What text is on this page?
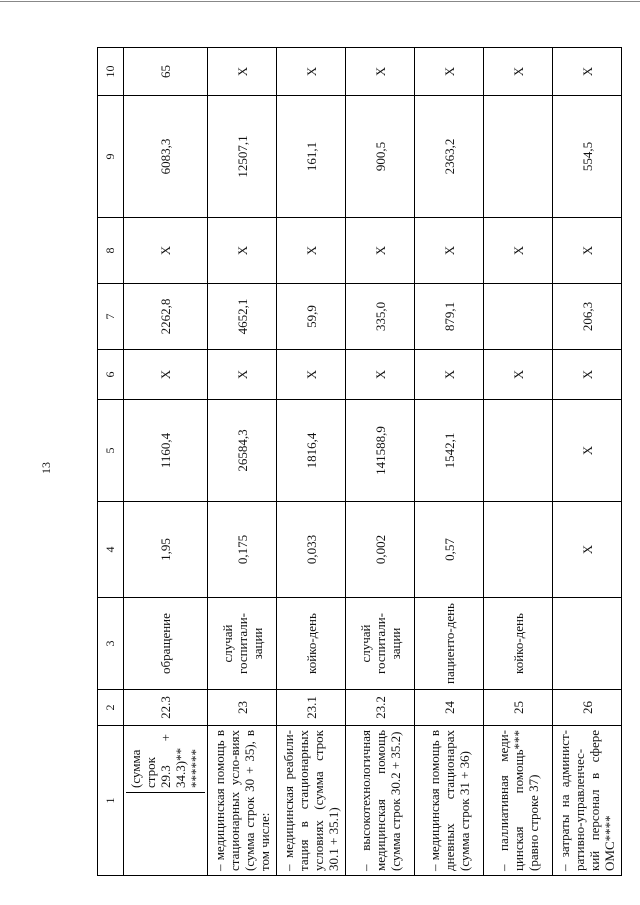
13
1	2	3	4	5	6	7	8	9	10

(сумма строк 29.3 + 34.3)** ******	22.3	обращение	1,95	1160,4	X	2262,8	X	6083,3	65

– медицинская помощь в стационарных усло-виях (сумма строк 30 + 35), в том числе:	23	случай госпитали-зации	0,175	26584,3	X	4652,1	X	12507,1	X

– медицинская реабили-тация в стационарных условиях (сумма строк 30.1 + 35.1)	23.1	койко-день	0,033	1816,4	X	59,9	X	161,1	X

– высокотехнологичная медицинская помощь (сумма строк 30.2 + 35.2)	23.2	случай госпитали-зации	0,002	141588,9	X	335,0	X	900,5	X

– медицинская помощь в дневных стационарах (сумма строк 31 + 36)	24	пациенто-день	0,57	1542,1	X	879,1	X	2363,2	X

– паллиативная меди-цинская помощь*** (равно строке 37)	25	койко-день			X		X		X

– затраты на админист-ративно-управленчес-кий персонал в сфере ОМС****	26		X	X	X	206,3	X	554,5	X
